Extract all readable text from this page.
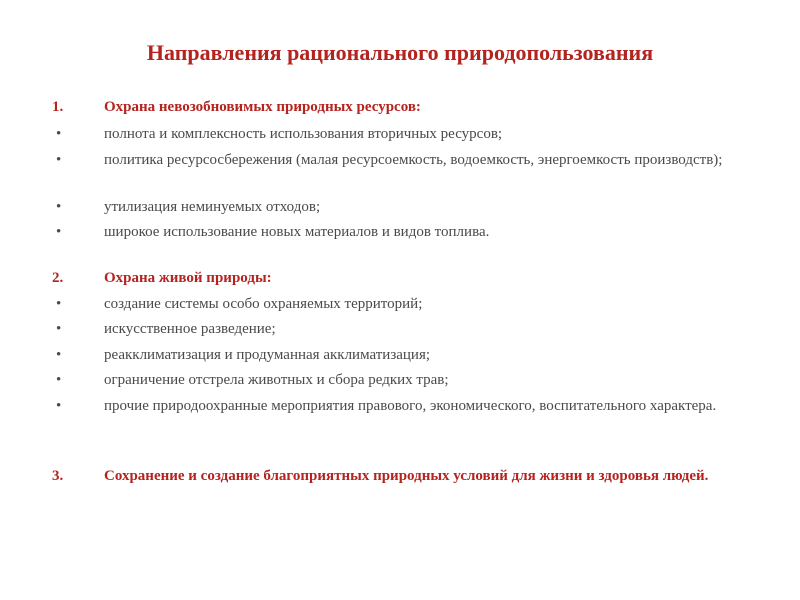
Направления рационального природопользования
1.	Охрана невозобновимых природных ресурсов:
•	полнота и комплексность использования вторичных ресурсов;
•	политика ресурсосбережения (малая ресурсоемкость, водоемкость, энергоемкость производств);
•	утилизация неминуемых отходов;
•	широкое использование новых материалов и видов топлива.
2.	Охрана живой природы:
•	создание системы особо охраняемых территорий;
•	искусственное разведение;
•	реакклиматизация и продуманная акклиматизация;
•	ограничение отстрела животных и сбора редких трав;
•	прочие природоохранные мероприятия правового, экономического, воспитательного характера.
3.	Сохранение и создание благоприятных природных условий для жизни и здоровья людей.
